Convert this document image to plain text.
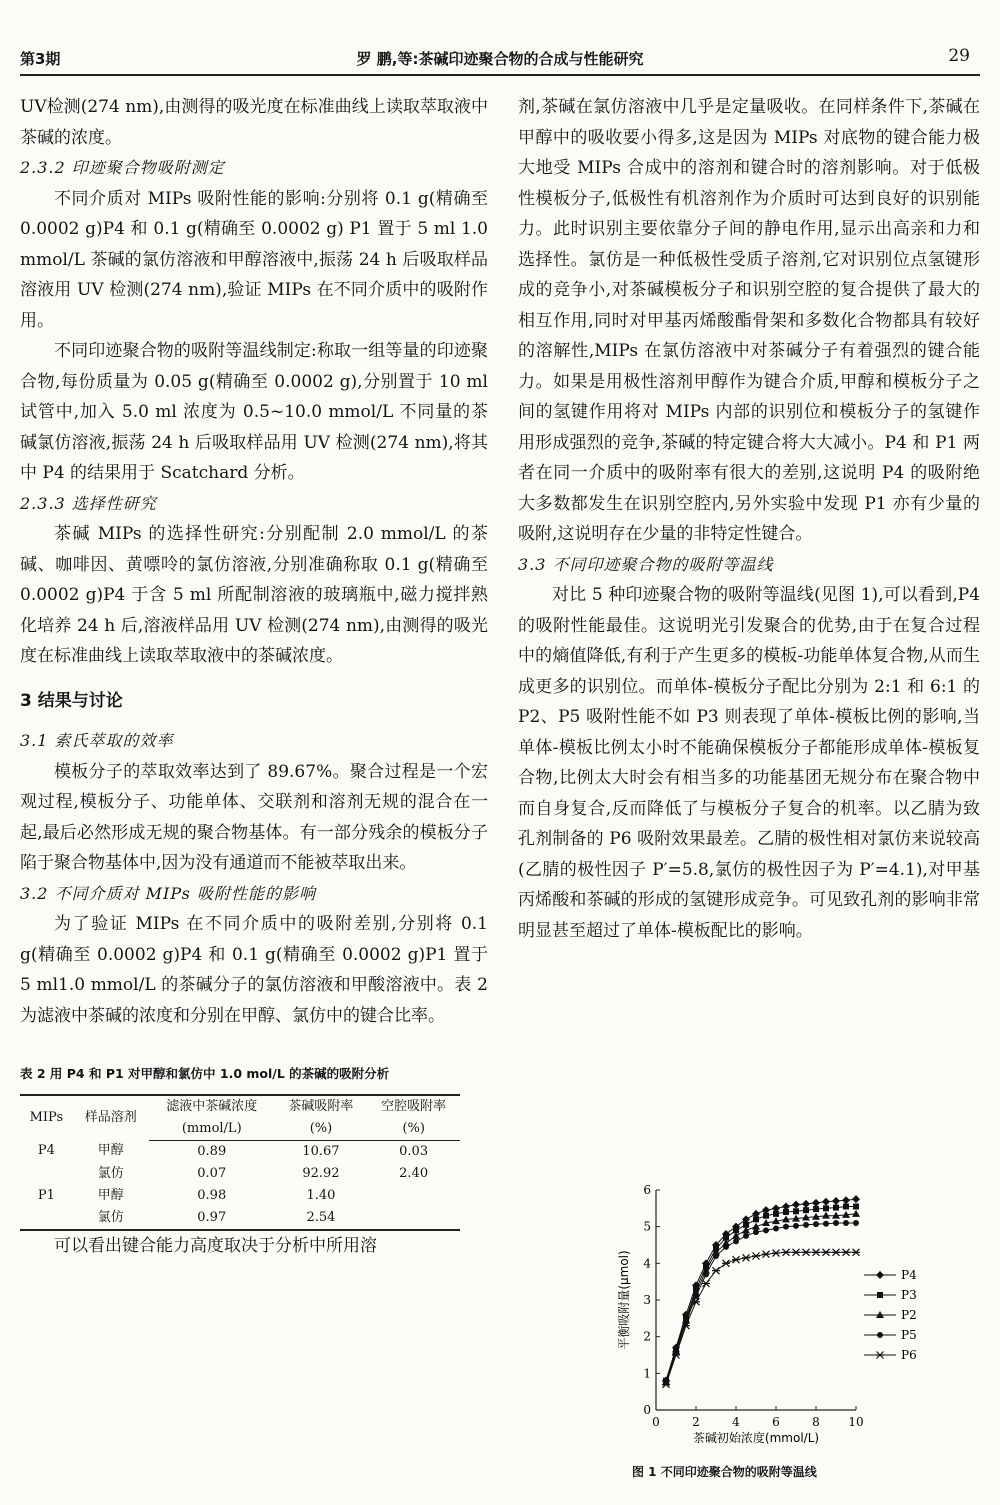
第3期	罗 鹏,等:茶碱印迹聚合物的合成与性能研究	29

UV检测(274 nm),由测得的吸光度在标准曲线上读取萃取液中茶碱的浓度。

2.3.2 印迹聚合物吸附测定

不同介质对 MIPs 吸附性能的影响:分别将 0.1 g(精确至 0.0002 g)P4 和 0.1 g(精确至 0.0002 g) P1 置于 5 ml 1.0 mmol/L 茶碱的氯仿溶液和甲醇溶液中,振荡 24 h 后吸取样品溶液用 UV 检测(274 nm),验证 MIPs 在不同介质中的吸附作用。

不同印迹聚合物的吸附等温线制定:称取一组等量的印迹聚合物,每份质量为 0.05 g(精确至 0.0002 g),分别置于 10 ml 试管中,加入 5.0 ml 浓度为 0.5~10.0 mmol/L 不同量的茶碱氯仿溶液,振荡 24 h 后吸取样品用 UV 检测(274 nm),将其中 P4 的结果用于 Scatchard 分析。

2.3.3 选择性研究

茶碱 MIPs 的选择性研究:分别配制 2.0 mmol/L 的茶碱、咖啡因、黄嘌呤的氯仿溶液,分别准确称取 0.1 g(精确至 0.0002 g)P4 于含 5 ml 所配制溶液的玻璃瓶中,磁力搅拌熟化培养 24 h 后,溶液样品用 UV 检测(274 nm),由测得的吸光度在标准曲线上读取萃取液中的茶碱浓度。

3 结果与讨论

3.1 索氏萃取的效率

模板分子的萃取效率达到了 89.67%。聚合过程是一个宏观过程,模板分子、功能单体、交联剂和溶剂无规的混合在一起,最后必然形成无规的聚合物基体。有一部分残余的模板分子陷于聚合物基体中,因为没有通道而不能被萃取出来。

3.2 不同介质对 MIPs 吸附性能的影响

为了验证 MIPs 在不同介质中的吸附差别,分别将 0.1 g(精确至 0.0002 g)P4 和 0.1 g(精确至 0.0002 g)P1 置于 5 ml1.0 mmol/L 的茶碱分子的氯仿溶液和甲酸溶液中。表 2 为滤液中茶碱的浓度和分别在甲醇、氯仿中的键合比率。

表 2 用 P4 和 P1 对甲醇和氯仿中 1.0 mol/L 的茶碱的吸附分析
MIPs	样品溶剂	滤液中茶碱浓度	茶碱吸附率	空腔吸附率
		(mmol/L)	(%)	(%)
P4	甲醇	0.89	10.67	0.03
	氯仿	0.07	92.92	2.40
P1	甲醇	0.98	1.40	
	氯仿	0.97	2.54	

可以看出键合能力高度取决于分析中所用溶

剂,茶碱在氯仿溶液中几乎是定量吸收。在同样条件下,茶碱在甲醇中的吸收要小得多,这是因为 MIPs 对底物的键合能力极大地受 MIPs 合成中的溶剂和键合时的溶剂影响。对于低极性模板分子,低极性有机溶剂作为介质时可达到良好的识别能力。此时识别主要依靠分子间的静电作用,显示出高亲和力和选择性。氯仿是一种低极性受质子溶剂,它对识别位点氢键形成的竞争小,对茶碱模板分子和识别空腔的复合提供了最大的相互作用,同时对甲基丙烯酸酯骨架和多数化合物都具有较好的溶解性,MIPs 在氯仿溶液中对茶碱分子有着强烈的键合能力。如果是用极性溶剂甲醇作为键合介质,甲醇和模板分子之间的氢键作用将对 MIPs 内部的识别位和模板分子的氢键作用形成强烈的竞争,茶碱的特定键合将大大减小。P4 和 P1 两者在同一介质中的吸附率有很大的差别,这说明 P4 的吸附绝大多数都发生在识别空腔内,另外实验中发现 P1 亦有少量的吸附,这说明存在少量的非特定性键合。

3.3 不同印迹聚合物的吸附等温线

对比 5 种印迹聚合物的吸附等温线(见图 1),可以看到,P4 的吸附性能最佳。这说明光引发聚合的优势,由于在复合过程中的熵值降低,有利于产生更多的模板-功能单体复合物,从而生成更多的识别位。而单体-模板分子配比分别为 2:1 和 6:1 的 P2、P5 吸附性能不如 P3 则表现了单体-模板比例的影响,当单体-模板比例太小时不能确保模板分子都能形成单体-模板复合物,比例太大时会有相当多的功能基团无规分布在聚合物中而自身复合,反而降低了与模板分子复合的机率。以乙腈为致孔剂制备的 P6 吸附效果最差。乙腈的极性相对氯仿来说较高(乙腈的极性因子 P′=5.8,氯仿的极性因子为 P′=4.1),对甲基丙烯酸和茶碱的形成的氢键形成竞争。可见致孔剂的影响非常明显甚至超过了单体-模板配比的影响。

0	2	4	6	8 10
0
1
2
3
4
5
6
茶碱初始浓度(mmol/L)
平衡吸附量(μmol)	P4
P3
P2
P5
P6
图 1 不同印迹聚合物的吸附等温线
